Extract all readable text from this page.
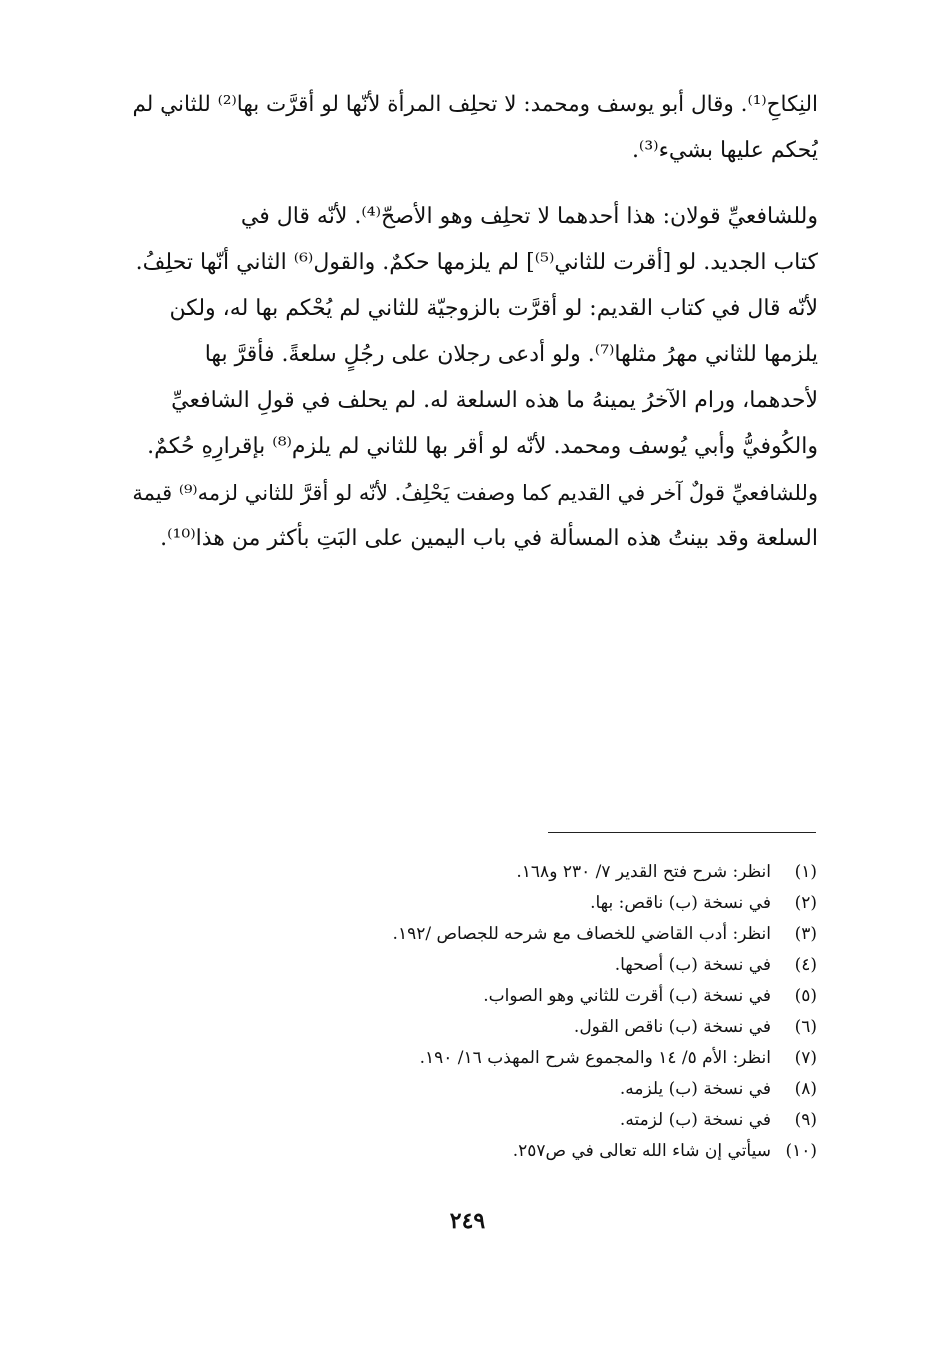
النِكاحِ⁽¹⁾. وقال أبو يوسف ومحمد: لا تحلِف المرأة لأنّها لو أقرَّت بها⁽²⁾ للثاني لم
يُحكم عليها بشيء⁽³⁾.
وللشافعيِّ قولان: هذا أحدهما لا تحلِف وهو الأصحّ⁽⁴⁾. لأنّه قال في
كتاب الجديد. لو [أقرت للثاني⁽⁵⁾] لم يلزمها حكمٌ. والقول⁽⁶⁾ الثاني أنّها تحلِفُ.
لأنّه قال في كتاب القديم: لو أقرَّت بالزوجيّة للثاني لم يُحْكم بها له، ولكن
يلزمها للثاني مهرُ مثلها⁽⁷⁾. ولو أدعى رجلان على رجُلٍ سلعةً. فأقرَّ بها
لأحدهما، ورام الآخرُ يمينهُ ما هذه السلعة له. لم يحلف في قولِ الشافعيِّ
والكُوفيُّ وأبي يُوسف ومحمد. لأنّه لو أقر بها للثاني لم يلزم⁽⁸⁾ بإقرارِهِ حُكمٌ.
وللشافعيِّ قولٌ آخر في القديم كما وصفت يَحْلِفُ. لأنّه لو أقرَّ للثاني لزمه⁽⁹⁾ قيمة
السلعة وقد بينتُ هذه المسألة في باب اليمين على البَتِ بأكثر من هذا⁽¹⁰⁾.
(١)
انظر: شرح فتح القدير ٧/ ٢٣٠ و١٦٨.
(٢)
في نسخة (ب) ناقص: بها.
(٣)
انظر: أدب القاضي للخصاف مع شرحه للجصاص /١٩٢.
(٤)
في نسخة (ب) أصحها.
(٥)
في نسخة (ب) أقرت للثاني وهو الصواب.
(٦)
في نسخة (ب) ناقص القول.
(٧)
انظر: الأم ٥/ ١٤ والمجموع شرح المهذب ١٦/ ١٩٠.
(٨)
في نسخة (ب) يلزمه.
(٩)
في نسخة (ب) لزمته.
(١٠)
سيأتي إن شاء الله تعالى في ص٢٥٧.
٢٤٩
